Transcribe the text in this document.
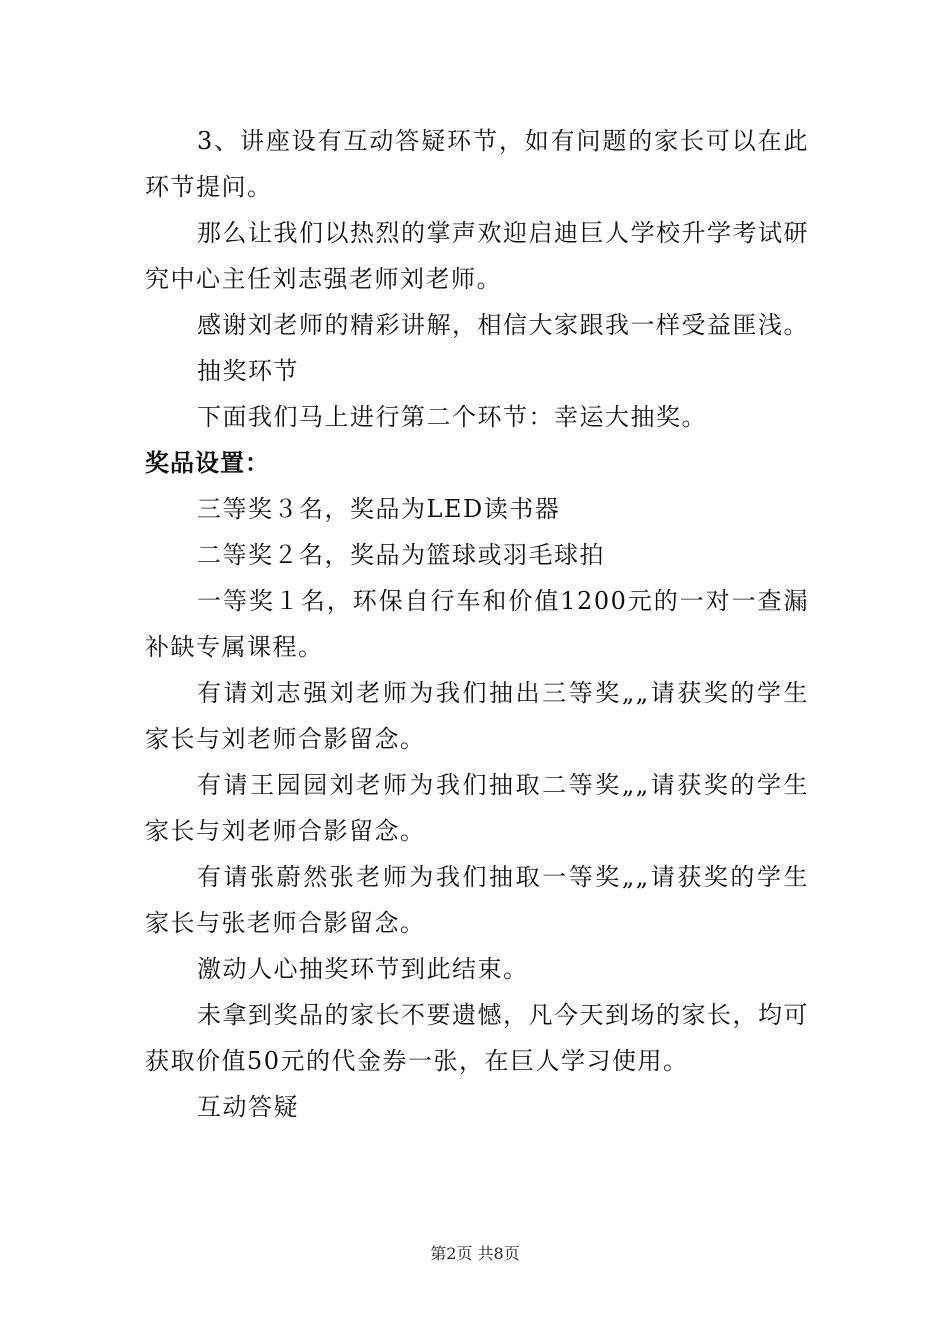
3、讲座设有互动答疑环节，如有问题的家长可以在此环节提问。

那么让我们以热烈的掌声欢迎启迪巨人学校升学考试研究中心主任刘志强老师刘老师。

感谢刘老师的精彩讲解，相信大家跟我一样受益匪浅。

抽奖环节

下面我们马上进行第二个环节：幸运大抽奖。

奖品设置：

三等奖３名，奖品为LED读书器

二等奖２名，奖品为篮球或羽毛球拍

一等奖１名，环保自行车和价值1200元的一对一查漏补缺专属课程。

有请刘志强刘老师为我们抽出三等奖„„请获奖的学生家长与刘老师合影留念。

有请王园园刘老师为我们抽取二等奖„„请获奖的学生家长与刘老师合影留念。

有请张蔚然张老师为我们抽取一等奖„„请获奖的学生家长与张老师合影留念。

激动人心抽奖环节到此结束。

未拿到奖品的家长不要遗憾，凡今天到场的家长，均可获取价值50元的代金券一张，在巨人学习使用。

互动答疑

第2页 共8页
